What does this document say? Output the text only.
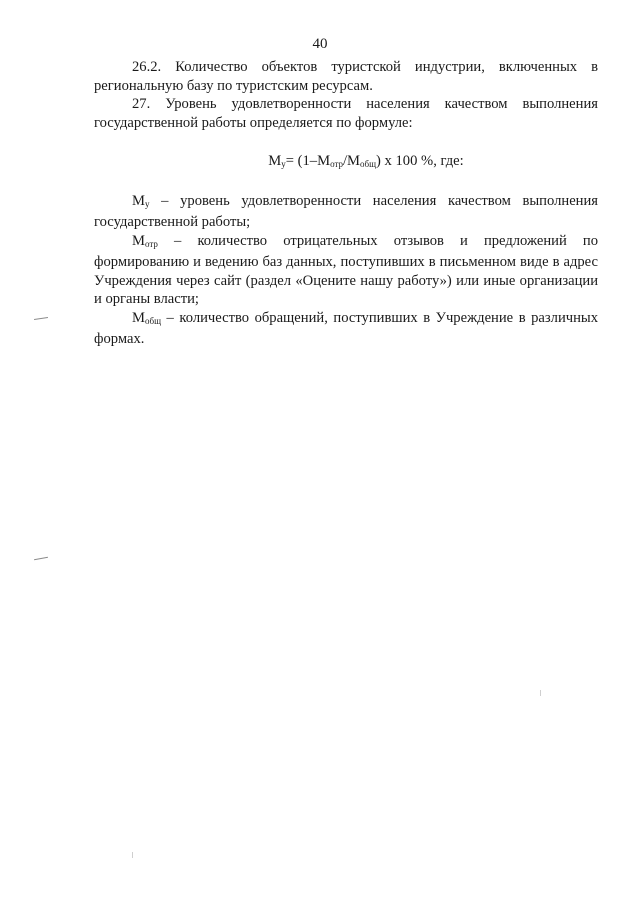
40

26.2. Количество объектов туристской индустрии, включенных в региональную базу по туристским ресурсам.

27. Уровень удовлетворенности населения качеством выполнения государственной работы определяется по формуле:

$М_у= (1-М_{отр}/М_{общ})$ х 100 %, где:

$М_у$ – уровень удовлетворенности населения качеством выполнения государственной работы;

$М_{отр}$ – количество отрицательных отзывов и предложений по формированию и ведению баз данных, поступивших в письменном виде в адрес Учреждения через сайт (раздел «Оцените нашу работу») или иные организации и органы власти;

$М_{общ}$ – количество обращений, поступивших в Учреждение в различных формах.
